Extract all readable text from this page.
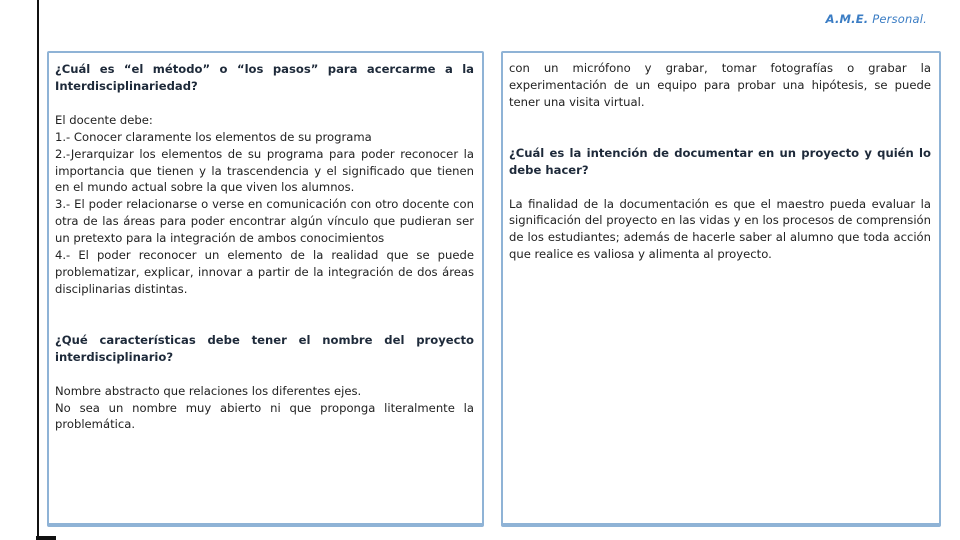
A.M.E. Personal.

¿Cuál es “el método” o “los pasos” para acercarme a la Interdisciplinariedad?

El docente debe:

1.- Conocer claramente los elementos de su programa

2.-Jerarquizar los elementos de su programa para poder reconocer la importancia que tienen y la trascendencia y el significado que tienen en el mundo actual sobre la que viven los alumnos.

3.- El poder relacionarse o verse en comunicación con otro docente con otra de las áreas para poder encontrar algún vínculo que pudieran ser un pretexto para la integración de ambos conocimientos

4.- El poder reconocer un elemento de la realidad que se puede problematizar, explicar, innovar a partir de la integración de dos áreas disciplinarias distintas.

¿Qué características debe tener el nombre del proyecto interdisciplinario?

Nombre abstracto que relaciones los diferentes ejes.

No sea un nombre muy abierto ni que proponga literalmente la problemática.

con un micrófono y grabar, tomar fotografías o grabar la experimentación de un equipo para probar una hipótesis, se puede tener una visita virtual.

¿Cuál es la intención de documentar en un proyecto y quién lo debe hacer?

La finalidad de la documentación es que el maestro pueda evaluar la significación del proyecto en las vidas y en los procesos de comprensión de los estudiantes; además de hacerle saber al alumno que toda acción que realice es valiosa y alimenta al proyecto.
